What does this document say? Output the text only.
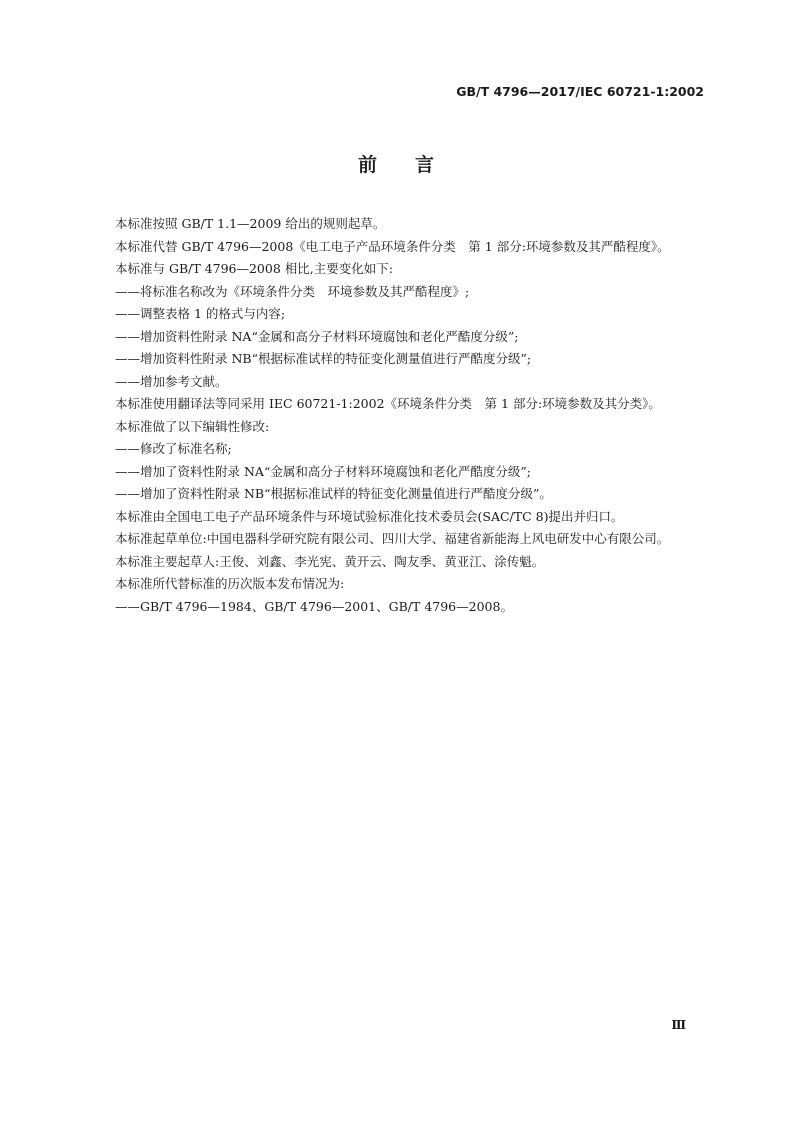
GB/T 4796—2017/IEC 60721-1:2002
前 言

本标准按照 GB/T 1.1—2009 给出的规则起草。

本标准代替 GB/T 4796—2008《电工电子产品环境条件分类　第 1 部分:环境参数及其严酷程度》。

本标准与 GB/T 4796—2008 相比,主要变化如下:

——将标准名称改为《环境条件分类　环境参数及其严酷程度》;

——调整表格 1 的格式与内容;

——增加资料性附录 NA“金属和高分子材料环境腐蚀和老化严酷度分级”;

——增加资料性附录 NB“根据标准试样的特征变化测量值进行严酷度分级”;

——增加参考文献。

本标准使用翻译法等同采用 IEC 60721-1:2002《环境条件分类　第 1 部分:环境参数及其分类》。

本标准做了以下编辑性修改:

——修改了标准名称;

——增加了资料性附录 NA“金属和高分子材料环境腐蚀和老化严酷度分级”;

——增加了资料性附录 NB“根据标准试样的特征变化测量值进行严酷度分级”。

本标准由全国电工电子产品环境条件与环境试验标准化技术委员会(SAC/TC 8)提出并归口。

本标准起草单位:中国电器科学研究院有限公司、四川大学、福建省新能海上风电研发中心有限公司。

本标准主要起草人:王俊、刘鑫、李光宪、黄开云、陶友季、黄亚江、涂传魁。

本标准所代替标准的历次版本发布情况为:

——GB/T 4796—1984、GB/T 4796—2001、GB/T 4796—2008。

Ⅲ
